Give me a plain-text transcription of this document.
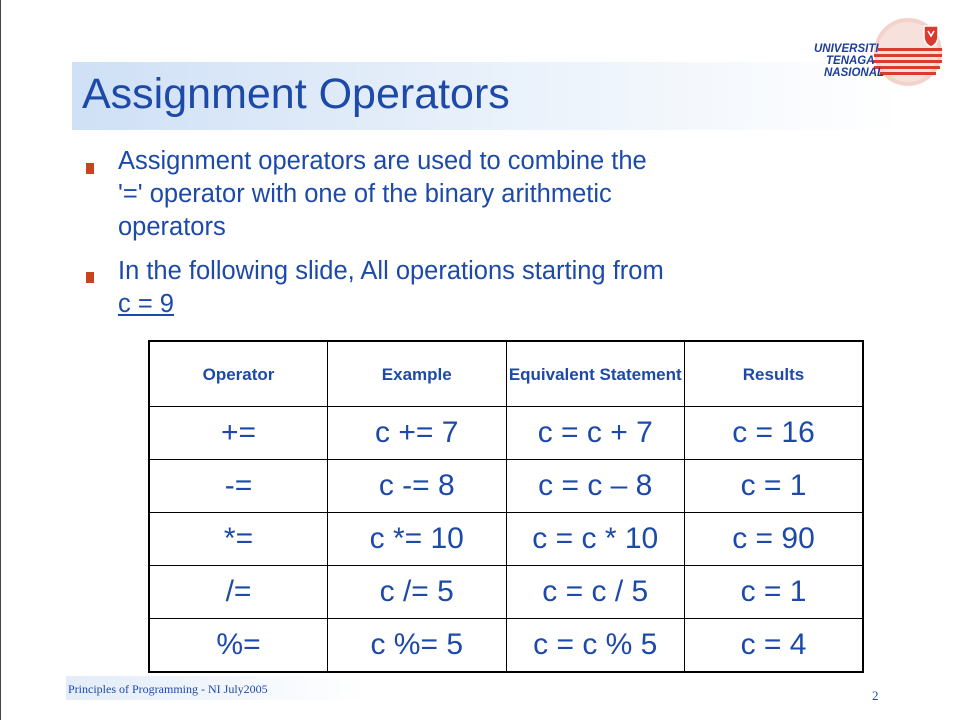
Assignment Operators
UNIVERSITI
TENAGA
NASIONAL
Assignment operators are used to combine the
'=' operator with one of the binary arithmetic
operators
In the following slide, All operations starting from
c = 9
Operator	Example	Equivalent Statement	Results
+=	c += 7	c = c + 7	c = 16
-=	c -= 8	c = c – 8	c = 1
*=	c *= 10	c = c * 10	c = 90
/=	c /= 5	c = c / 5	c = 1
%=	c %= 5	c = c % 5	c = 4
Principles of Programming - NI July2005	2
